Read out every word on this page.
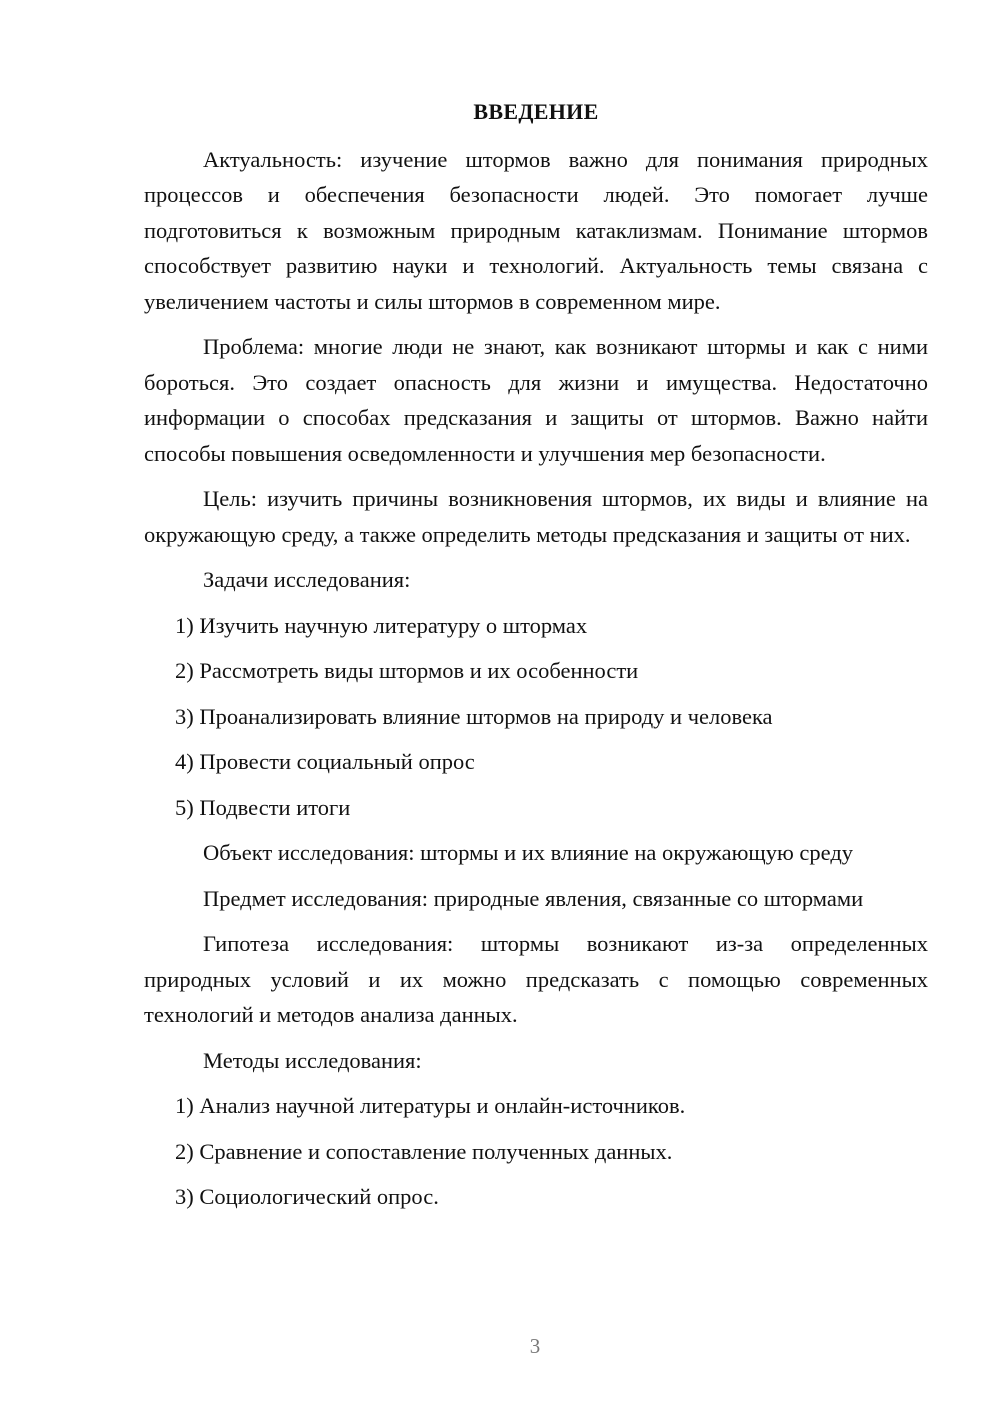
ВВЕДЕНИЕ

Актуальность: изучение штормов важно для понимания природных процессов и обеспечения безопасности людей. Это помогает лучше подготовиться к возможным природным катаклизмам. Понимание штормов способствует развитию науки и технологий. Актуальность темы связана с увеличением частоты и силы штормов в современном мире.

Проблема: многие люди не знают, как возникают штормы и как с ними бороться. Это создает опасность для жизни и имущества. Недостаточно информации о способах предсказания и защиты от штормов. Важно найти способы повышения осведомленности и улучшения мер безопасности.

Цель: изучить причины возникновения штормов, их виды и влияние на окружающую среду, а также определить методы предсказания и защиты от них.

Задачи исследования:

1) Изучить научную литературу о штормах
2) Рассмотреть виды штормов и их особенности
3) Проанализировать влияние штормов на природу и человека
4) Провести социальный опрос
5) Подвести итоги

Объект исследования: штормы и их влияние на окружающую среду

Предмет исследования: природные явления, связанные со штормами

Гипотеза исследования: штормы возникают из-за определенных природных условий и их можно предсказать с помощью современных технологий и методов анализа данных.

Методы исследования:

1) Анализ научной литературы и онлайн-источников.
2) Сравнение и сопоставление полученных данных.
3) Социологический опрос.
3
